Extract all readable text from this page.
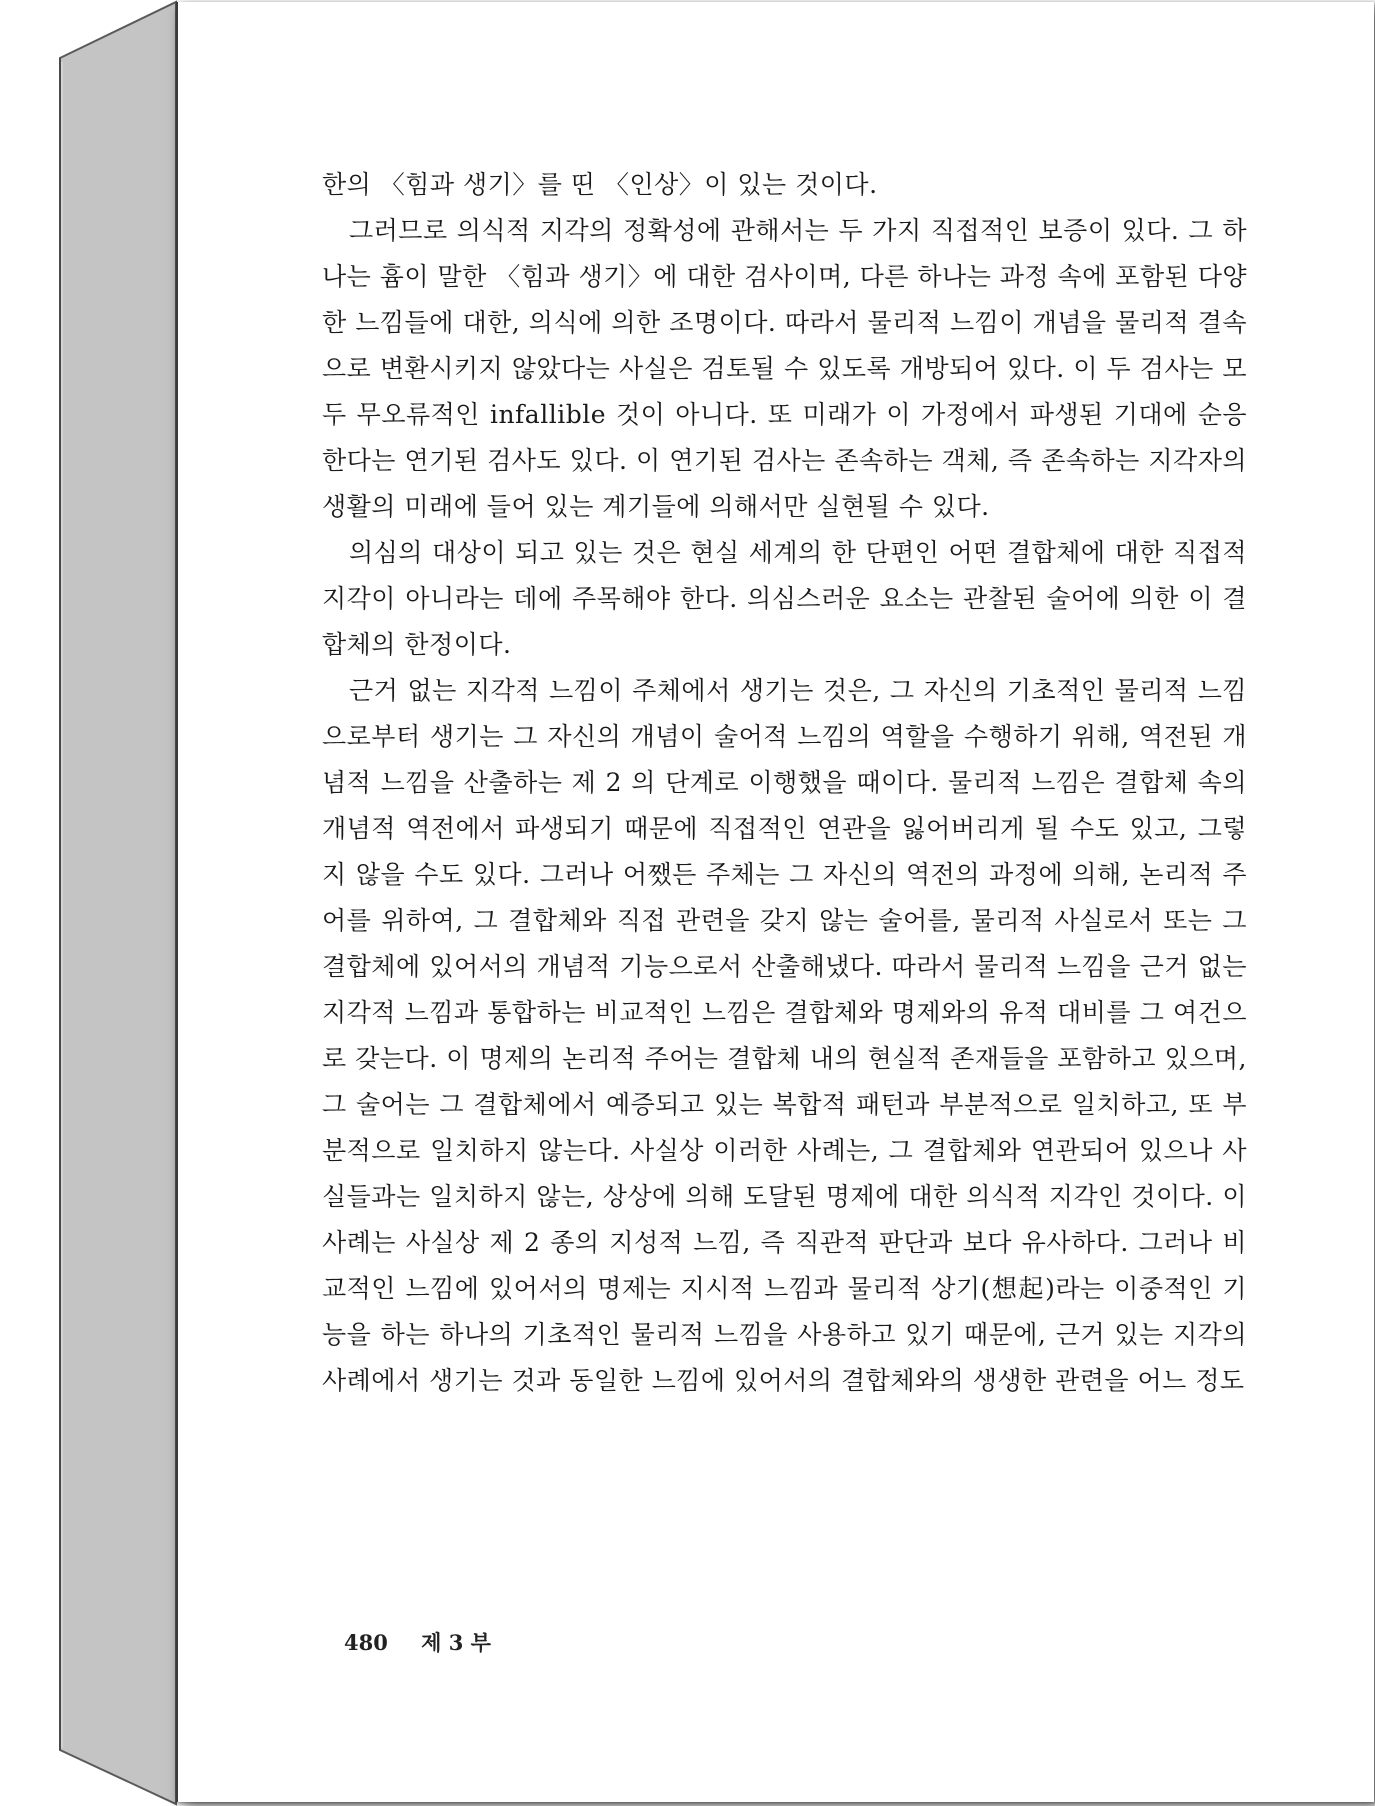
한의 〈힘과 생기〉를 띤 〈인상〉이 있는 것이다.

그러므로 의식적 지각의 정확성에 관해서는 두 가지 직접적인 보증이 있다. 그 하나는 흄이 말한 〈힘과 생기〉에 대한 검사이며, 다른 하나는 과정 속에 포함된 다양한 느낌들에 대한, 의식에 의한 조명이다. 따라서 물리적 느낌이 개념을 물리적 결속으로 변환시키지 않았다는 사실은 검토될 수 있도록 개방되어 있다. 이 두 검사는 모두 무오류적인 infallible 것이 아니다. 또 미래가 이 가정에서 파생된 기대에 순응한다는 연기된 검사도 있다. 이 연기된 검사는 존속하는 객체, 즉 존속하는 지각자의 생활의 미래에 들어 있는 계기들에 의해서만 실현될 수 있다.

의심의 대상이 되고 있는 것은 현실 세계의 한 단편인 어떤 결합체에 대한 직접적 지각이 아니라는 데에 주목해야 한다. 의심스러운 요소는 관찰된 술어에 의한 이 결합체의 한정이다.

근거 없는 지각적 느낌이 주체에서 생기는 것은, 그 자신의 기초적인 물리적 느낌으로부터 생기는 그 자신의 개념이 술어적 느낌의 역할을 수행하기 위해, 역전된 개념적 느낌을 산출하는 제 2 의 단계로 이행했을 때이다. 물리적 느낌은 결합체 속의 개념적 역전에서 파생되기 때문에 직접적인 연관을 잃어버리게 될 수도 있고, 그렇지 않을 수도 있다. 그러나 어쨌든 주체는 그 자신의 역전의 과정에 의해, 논리적 주어를 위하여, 그 결합체와 직접 관련을 갖지 않는 술어를, 물리적 사실로서 또는 그 결합체에 있어서의 개념적 기능으로서 산출해냈다. 따라서 물리적 느낌을 근거 없는 지각적 느낌과 통합하는 비교적인 느낌은 결합체와 명제와의 유적 대비를 그 여건으로 갖는다. 이 명제의 논리적 주어는 결합체 내의 현실적 존재들을 포함하고 있으며, 그 술어는 그 결합체에서 예증되고 있는 복합적 패턴과 부분적으로 일치하고, 또 부분적으로 일치하지 않는다. 사실상 이러한 사례는, 그 결합체와 연관되어 있으나 사실들과는 일치하지 않는, 상상에 의해 도달된 명제에 대한 의식적 지각인 것이다. 이 사례는 사실상 제 2 종의 지성적 느낌, 즉 직관적 판단과 보다 유사하다. 그러나 비교적인 느낌에 있어서의 명제는 지시적 느낌과 물리적 상기(想起)라는 이중적인 기능을 하는 하나의 기초적인 물리적 느낌을 사용하고 있기 때문에, 근거 있는 지각의 사례에서 생기는 것과 동일한 느낌에 있어서의 결합체와의 생생한 관련을 어느 정도

480 제 3 부
